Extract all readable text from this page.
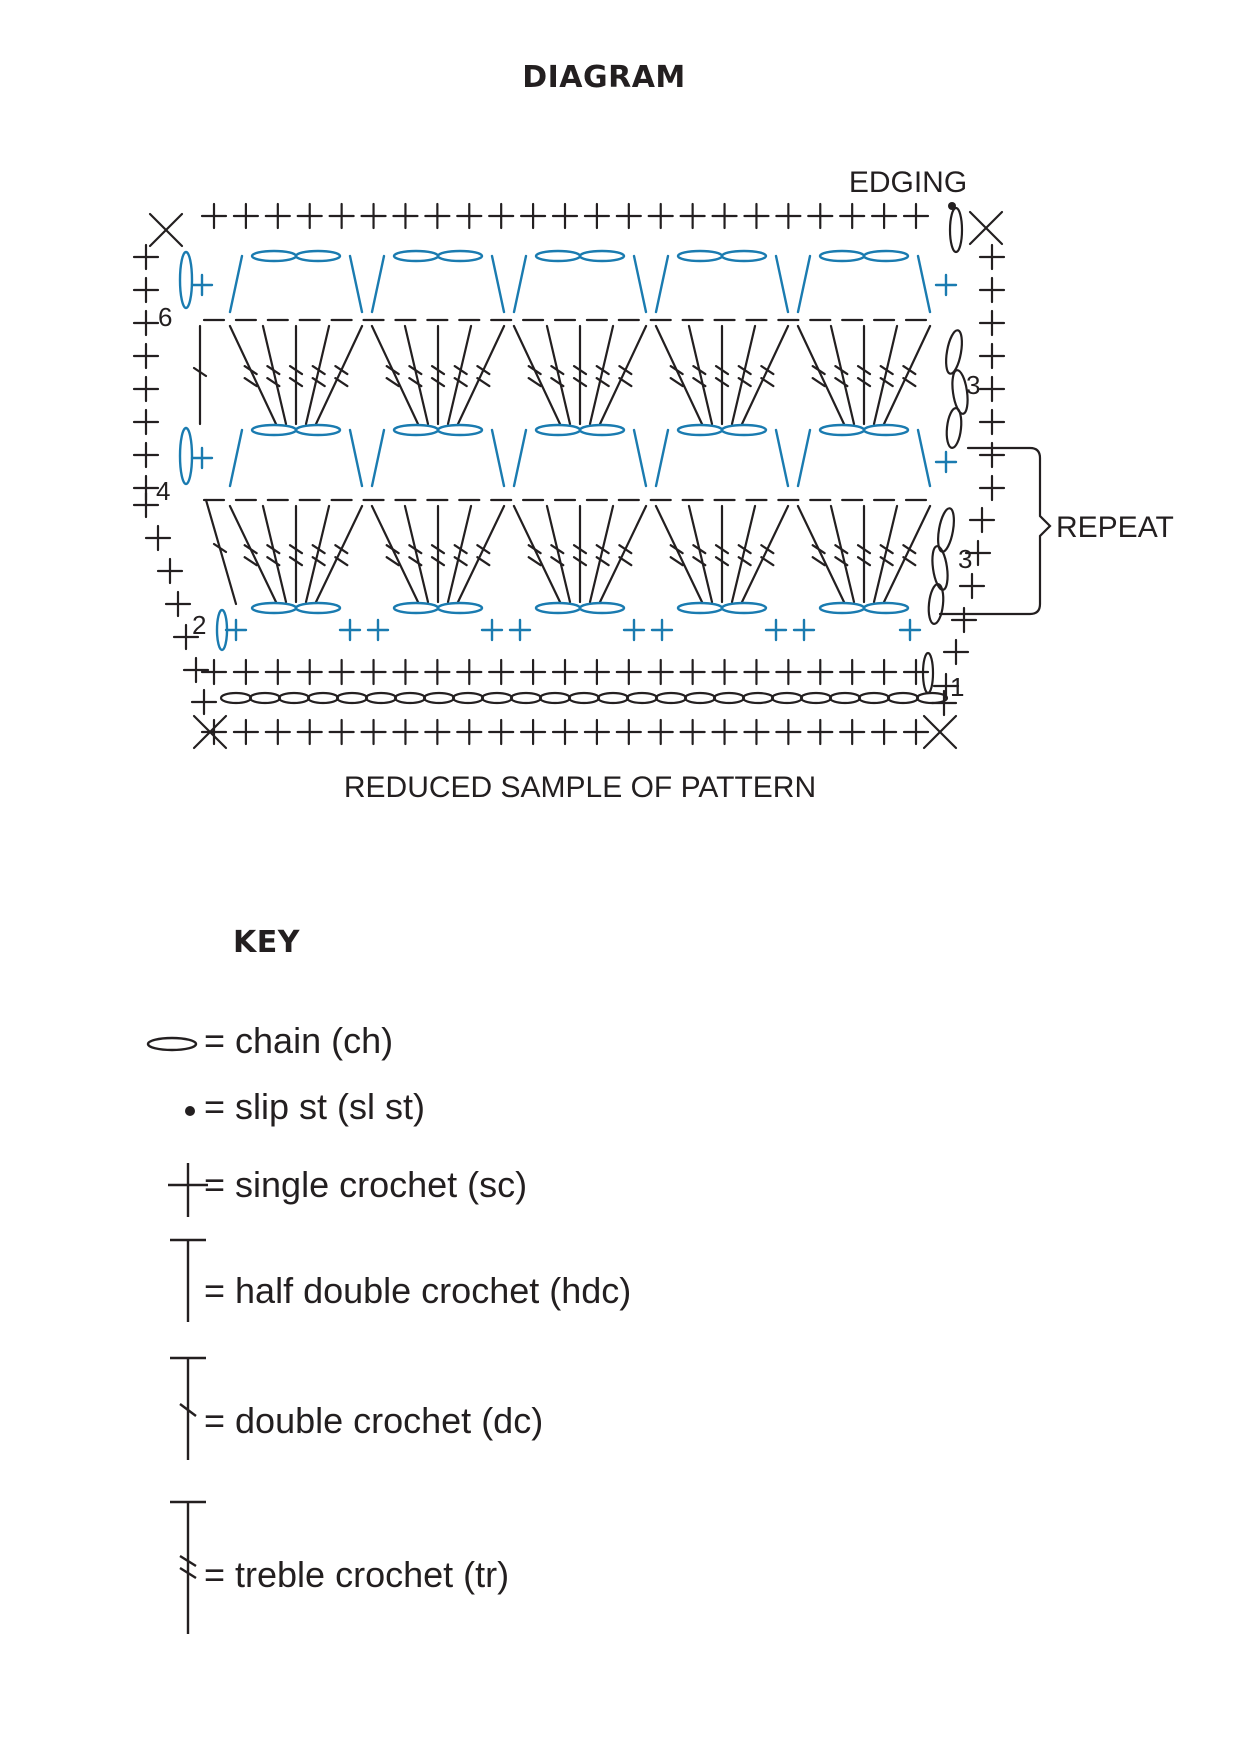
EDGING
REPEAT
REDUCED SAMPLE OF PATTERN
1
2
3
4
3
6
DIAGRAM
KEY
= chain (ch)
= slip st (sl st)
= single crochet (sc)
= half double crochet (hdc)
= double crochet (dc)
= treble crochet (tr)
